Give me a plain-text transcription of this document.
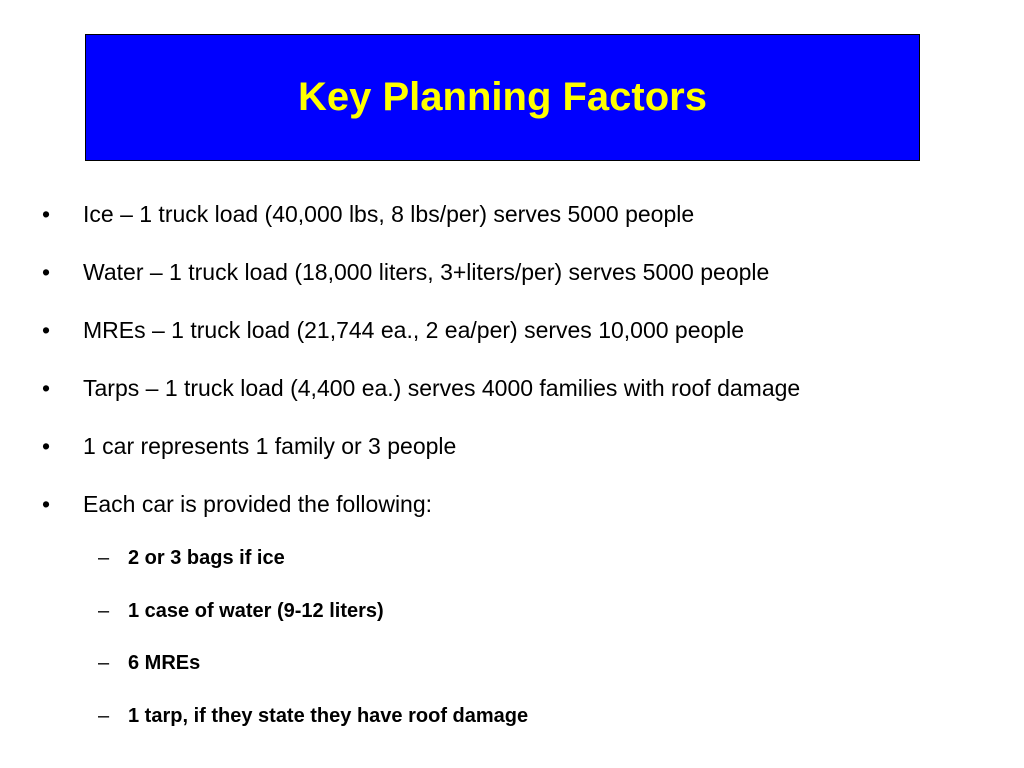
Key Planning Factors
• Ice – 1 truck load (40,000 lbs, 8 lbs/per) serves 5000 people
• Water – 1 truck load (18,000 liters, 3+liters/per) serves 5000 people
• MREs – 1 truck load (21,744 ea., 2 ea/per) serves 10,000 people
• Tarps – 1 truck load (4,400 ea.) serves 4000 families with roof damage
• 1 car represents 1 family or 3 people
• Each car is provided the following:
– 2 or 3 bags if ice
– 1 case of water (9-12 liters)
– 6 MREs
– 1 tarp, if they state they have roof damage
